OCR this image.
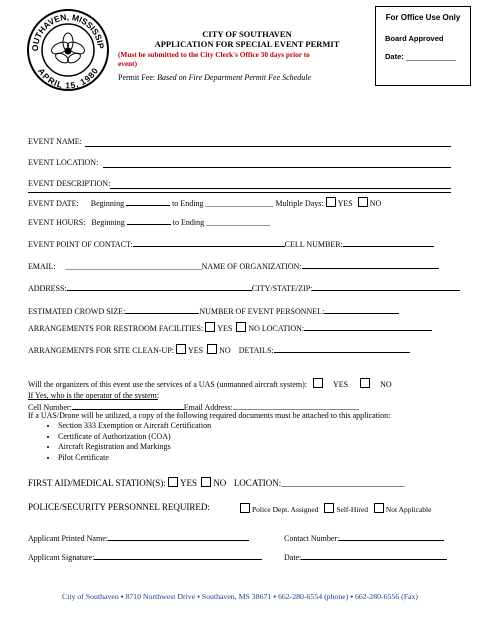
OUTHAVEN, MISSISSIP
APRIL 15, 1980
CITY OF SOUTHAVEN
APPLICATION FOR SPECIAL EVENT PERMIT
(Must be submitted to the City Clerk's Office 30 days prior to
event)
Permit Fee: Based on Fire Department Permit Fee Schedule
For Office Use Only
Board Approved
Date: ____________
EVENT NAME:
EVENT LOCATION:
EVENT DESCRIPTION:
EVENT DATE: Beginning	to Ending _________________ Multiple Days: YES NO
EVENT HOURS: Beginning	to Ending ________________
EVENT POINT OF CONTACT:	CELL NUMBER:
EMAIL: __________________________________NAME OF ORGANIZATION:
ADDRESS:	CITY/STATE/ZIP:
ESTIMATED CROWD SIZE:	NUMBER OF EVENT PERSONNEL:
ARRANGEMENTS FOR RESTROOM FACILITIES: YES NO LOCATION:
ARRANGEMENTS FOR SITE CLEAN-UP: YES NO DETAILS:
Will the organizers of this event use the services of a UAS (unmanned aircraft system):	YES	NO
If Yes, who is the operator of the system:
Cell Number:	Email Address:
If a UAS/Drone will be utilized, a copy of the following required documents must be attached to this application:
• Section 333 Exemption or Aircraft Certification
• Certificate of Authorization (COA)
• Aircraft Registration and Markings
• Pilot Certificate
FIRST AID/MEDICAL STATION(S): YES NO LOCATION:______________________________
POLICE/SECURITY PERSONNEL REQUIRED:	Police Dept. Assigned Self-Hired Not Applicable
Applicant Printed Name:	Contact Number:
Applicant Signature:	Date:
City of Southaven ▪ 8710 Northwest Drive ▪ Southaven, MS 38671 ▪ 662-280-6554 (phone) ▪ 662-280-6556 (Fax)
